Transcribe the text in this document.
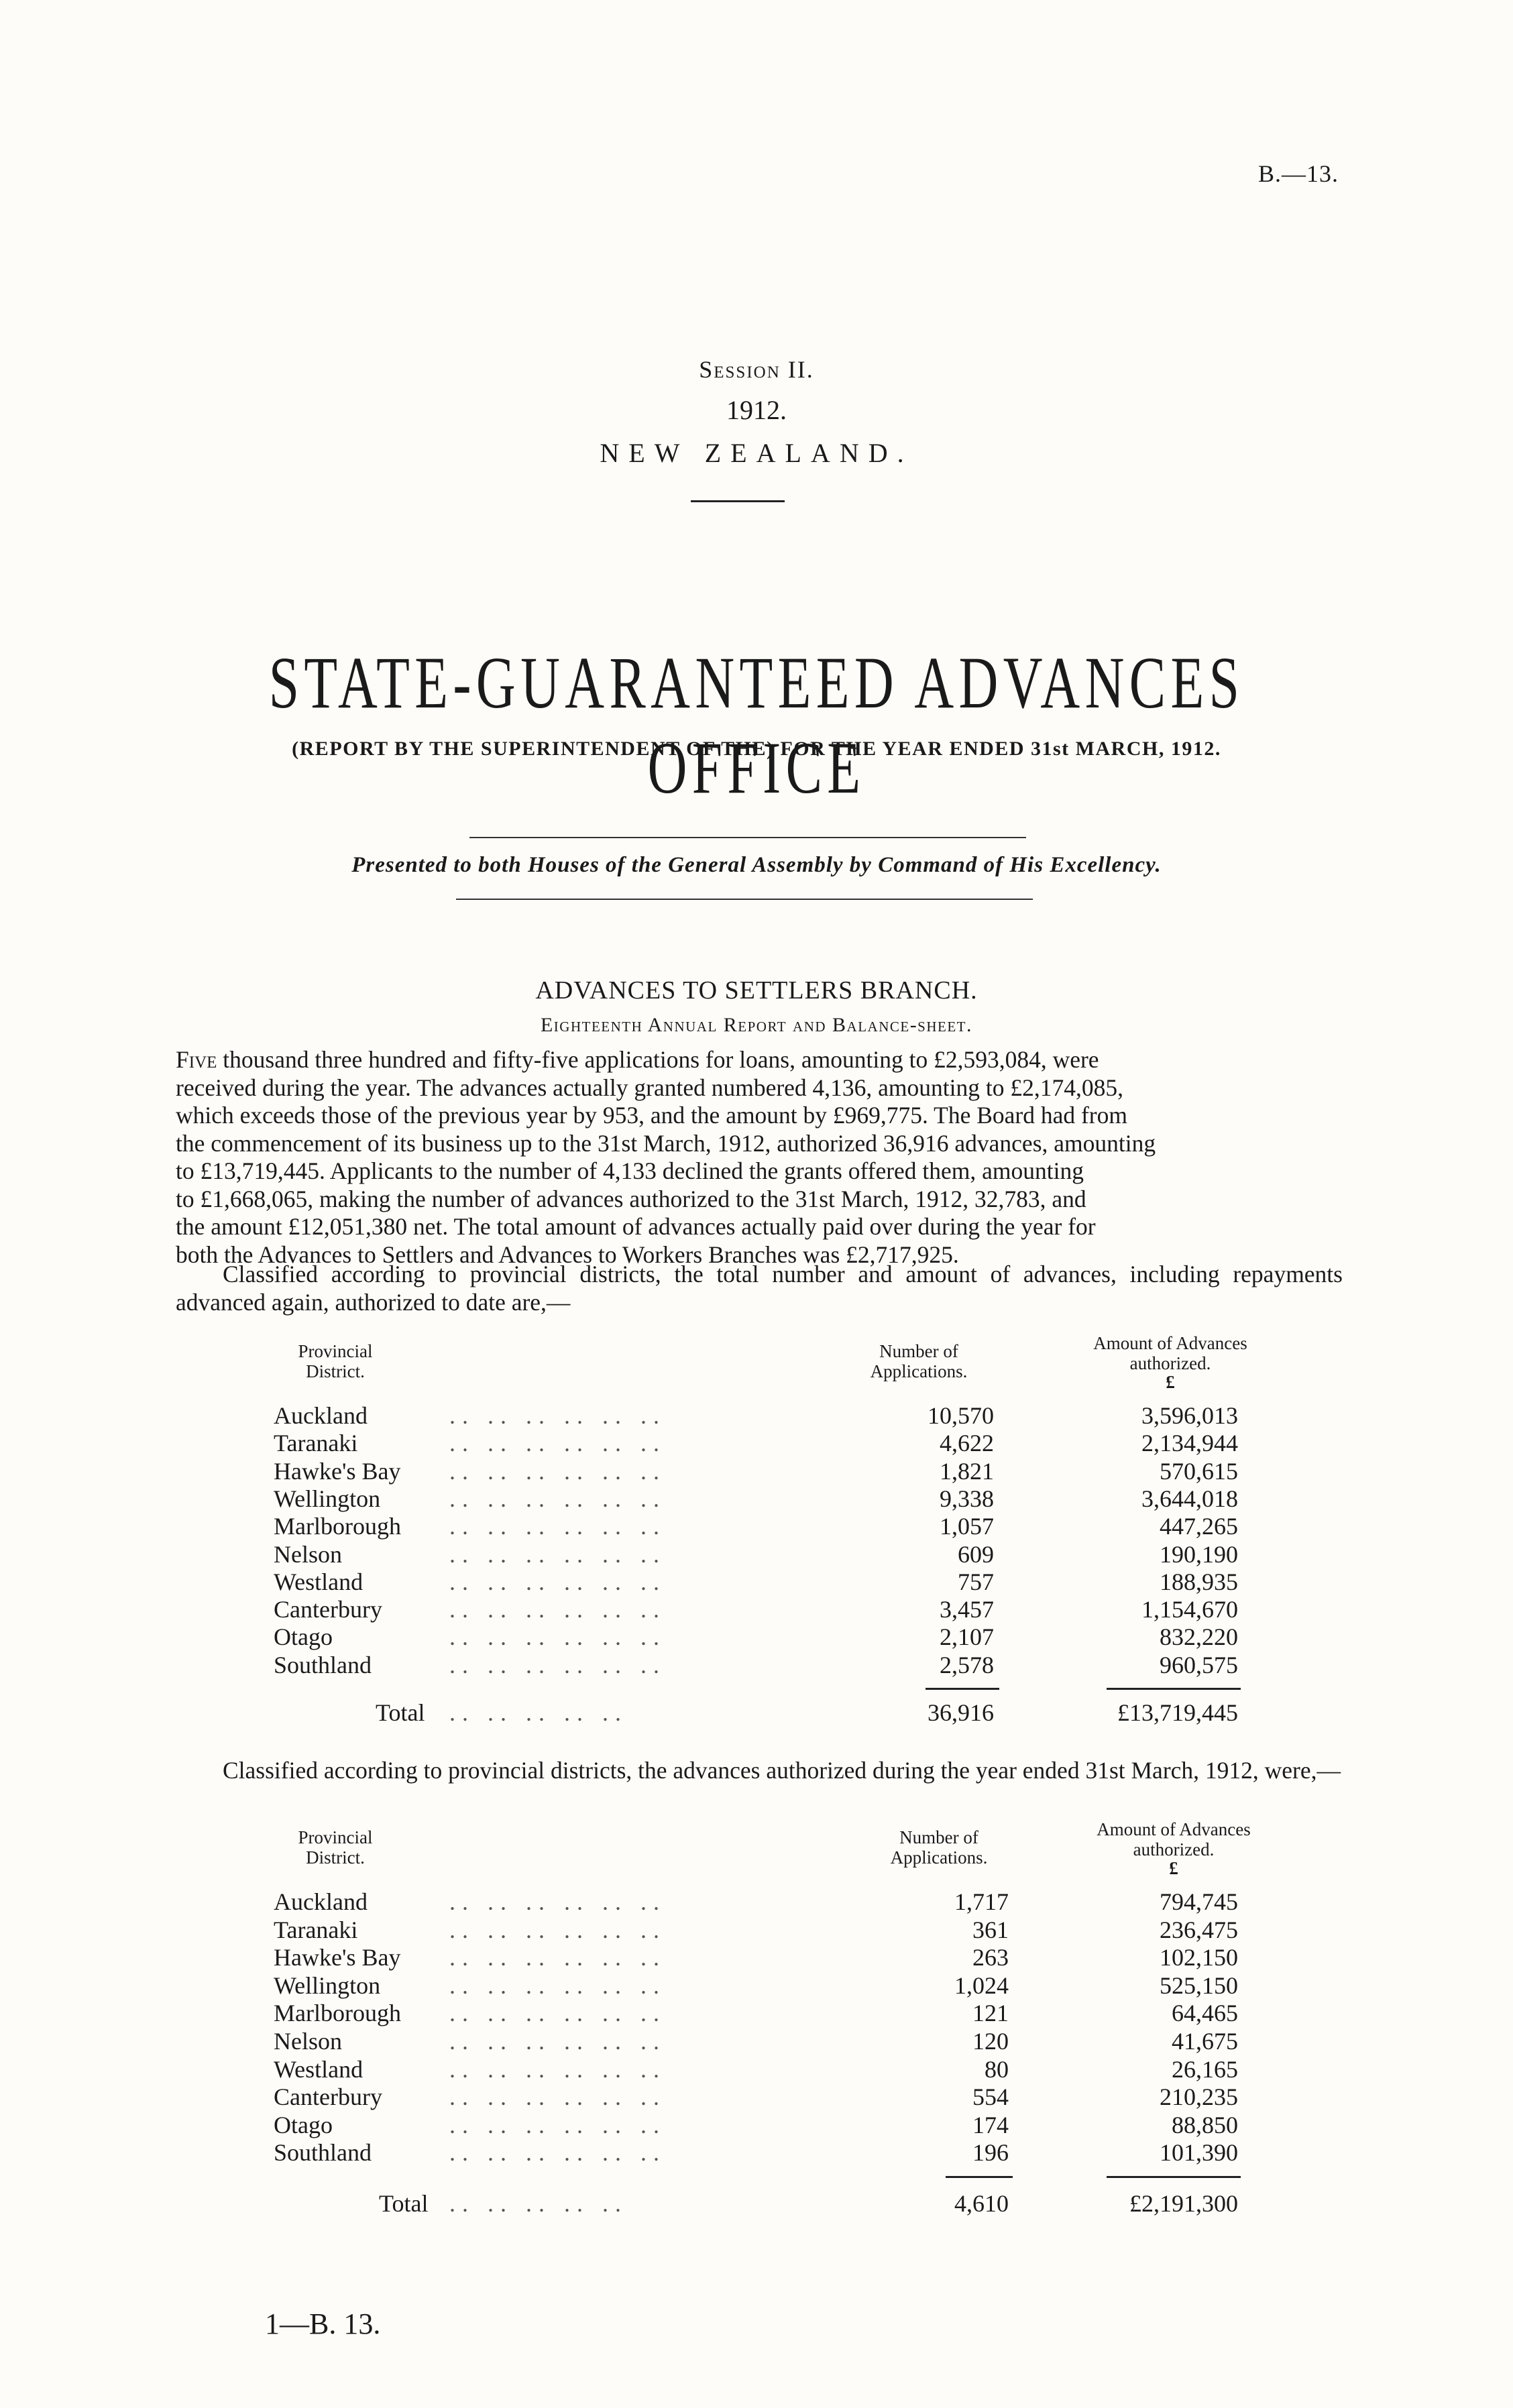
B.—13.
Session II.
1912.
NEW ZEALAND.
STATE-GUARANTEED ADVANCES OFFICE
(REPORT BY THE SUPERINTENDENT OF THE) FOR THE YEAR ENDED 31st MARCH, 1912.
Presented to both Houses of the General Assembly by Command of His Excellency.
ADVANCES TO SETTLERS BRANCH.
Eighteenth Annual Report and Balance-sheet.
Five thousand three hundred and fifty-five applications for loans, amounting to £2,593,084, were
received during the year. The advances actually granted numbered 4,136, amounting to £2,174,085,
which exceeds those of the previous year by 953, and the amount by £969,775. The Board had from
the commencement of its business up to the 31st March, 1912, authorized 36,916 advances, amounting
to £13,719,445. Applicants to the number of 4,133 declined the grants offered them, amounting
to £1,668,065, making the number of advances authorized to the 31st March, 1912, 32,783, and
the amount £12,051,380 net. The total amount of advances actually paid over during the year for
both the Advances to Settlers and Advances to Workers Branches was £2,717,925.
Classified according to provincial districts, the total number and amount of advances, including repayments advanced again, authorized to date are,—
Provincial District.
Number of Applications.
Amount of Advances authorized.
£
Auckland	.. .. .. .. .. ..	10,570	3,596,013
Taranaki	.. .. .. .. .. ..	4,622	2,134,944
Hawke's Bay .. .. .. .. .. ..	1,821	570,615
Wellington	.. .. .. .. .. ..	9,338	3,644,018
Marlborough .. .. .. .. .. ..	1,057	447,265
Nelson	.. .. .. .. .. ..	609	190,190
Westland	.. .. .. .. .. ..	757	188,935
Canterbury	.. .. .. .. .. ..	3,457	1,154,670
Otago	.. .. .. .. .. ..	2,107	832,220
Southland	.. .. .. .. .. ..	2,578	960,575
Total .. .. .. .. ..	36,916	£13,719,445
Classified according to provincial districts, the advances authorized during the year ended 31st March, 1912, were,—
Provincial District.
Number of Applications.
Amount of Advances authorized.
£
Auckland	.. .. .. .. .. ..	1,717	794,745
Taranaki	.. .. .. .. .. ..	361	236,475
Hawke's Bay .. .. .. .. .. ..	263	102,150
Wellington	.. .. .. .. .. ..	1,024	525,150
Marlborough .. .. .. .. .. ..	121	64,465
Nelson	.. .. .. .. .. ..	120	41,675
Westland	.. .. .. .. .. ..	80	26,165
Canterbury	.. .. .. .. .. ..	554	210,235
Otago	.. .. .. .. .. ..	174	88,850
Southland	.. .. .. .. .. ..	196	101,390
Total .. .. .. .. ..	4,610	£2,191,300
1—B. 13.
